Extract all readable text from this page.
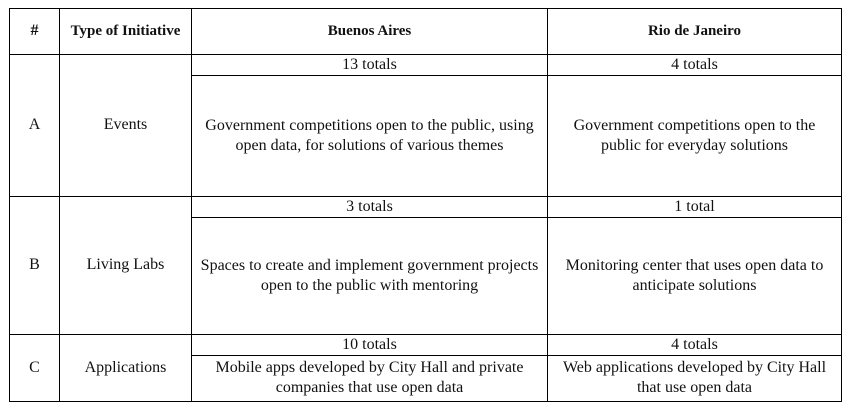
#	Type of Initiative	Buenos Aires	Rio de Janeiro
A	Events	13 totals	4 totals
		Government competitions open to the public, using open data, for solutions of various themes	Government competitions open to the public for everyday solutions
B	Living Labs	3 totals	1 total
		Spaces to create and implement government projects open to the public with mentoring	Monitoring center that uses open data to anticipate solutions
C	Applications	10 totals	4 totals
		Mobile apps developed by City Hall and private companies that use open data	Web applications developed by City Hall that use open data
